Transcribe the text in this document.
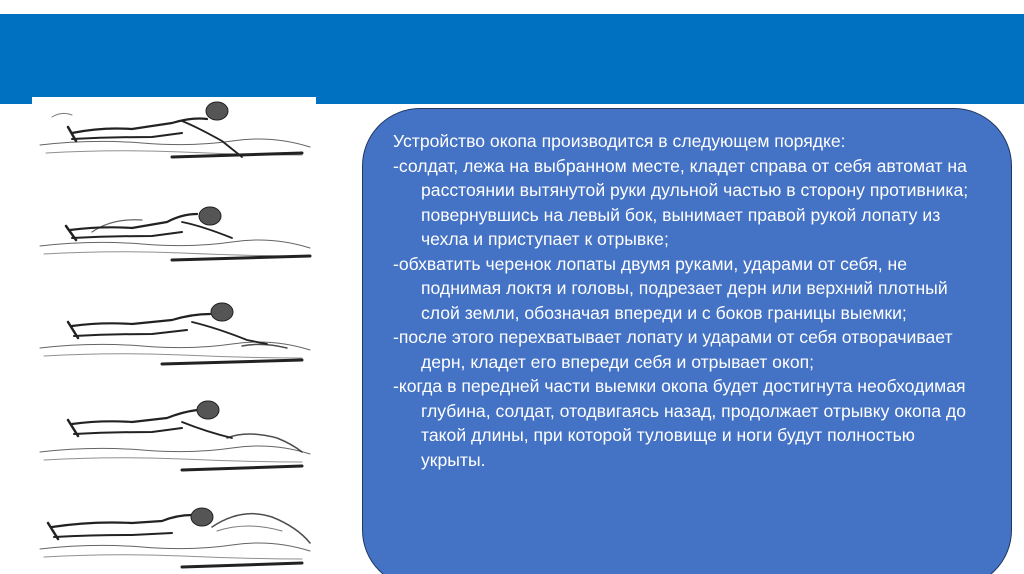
Устройство окопа производится в следующем порядке:

-солдат, лежа на выбранном месте, кладет справа от себя автомат на расстоянии вытянутой руки дульной частью в сторону противника; повернувшись на левый бок, вынимает правой рукой лопату из чехла и приступает к отрывке;

-обхватить черенок лопаты двумя руками, ударами от себя, не поднимая локтя и головы, подрезает дерн или верхний плотный слой земли, обозначая впереди и с боков границы выемки;

-после этого перехватывает лопату и ударами от себя отворачивает дерн, кладет его впереди себя и отрывает окоп;

-когда в передней части выемки окопа будет достигнута необходимая глубина, солдат, отодвигаясь назад, продолжает отрывку окопа до такой длины, при которой туловище и ноги будут полностью укрыты.
